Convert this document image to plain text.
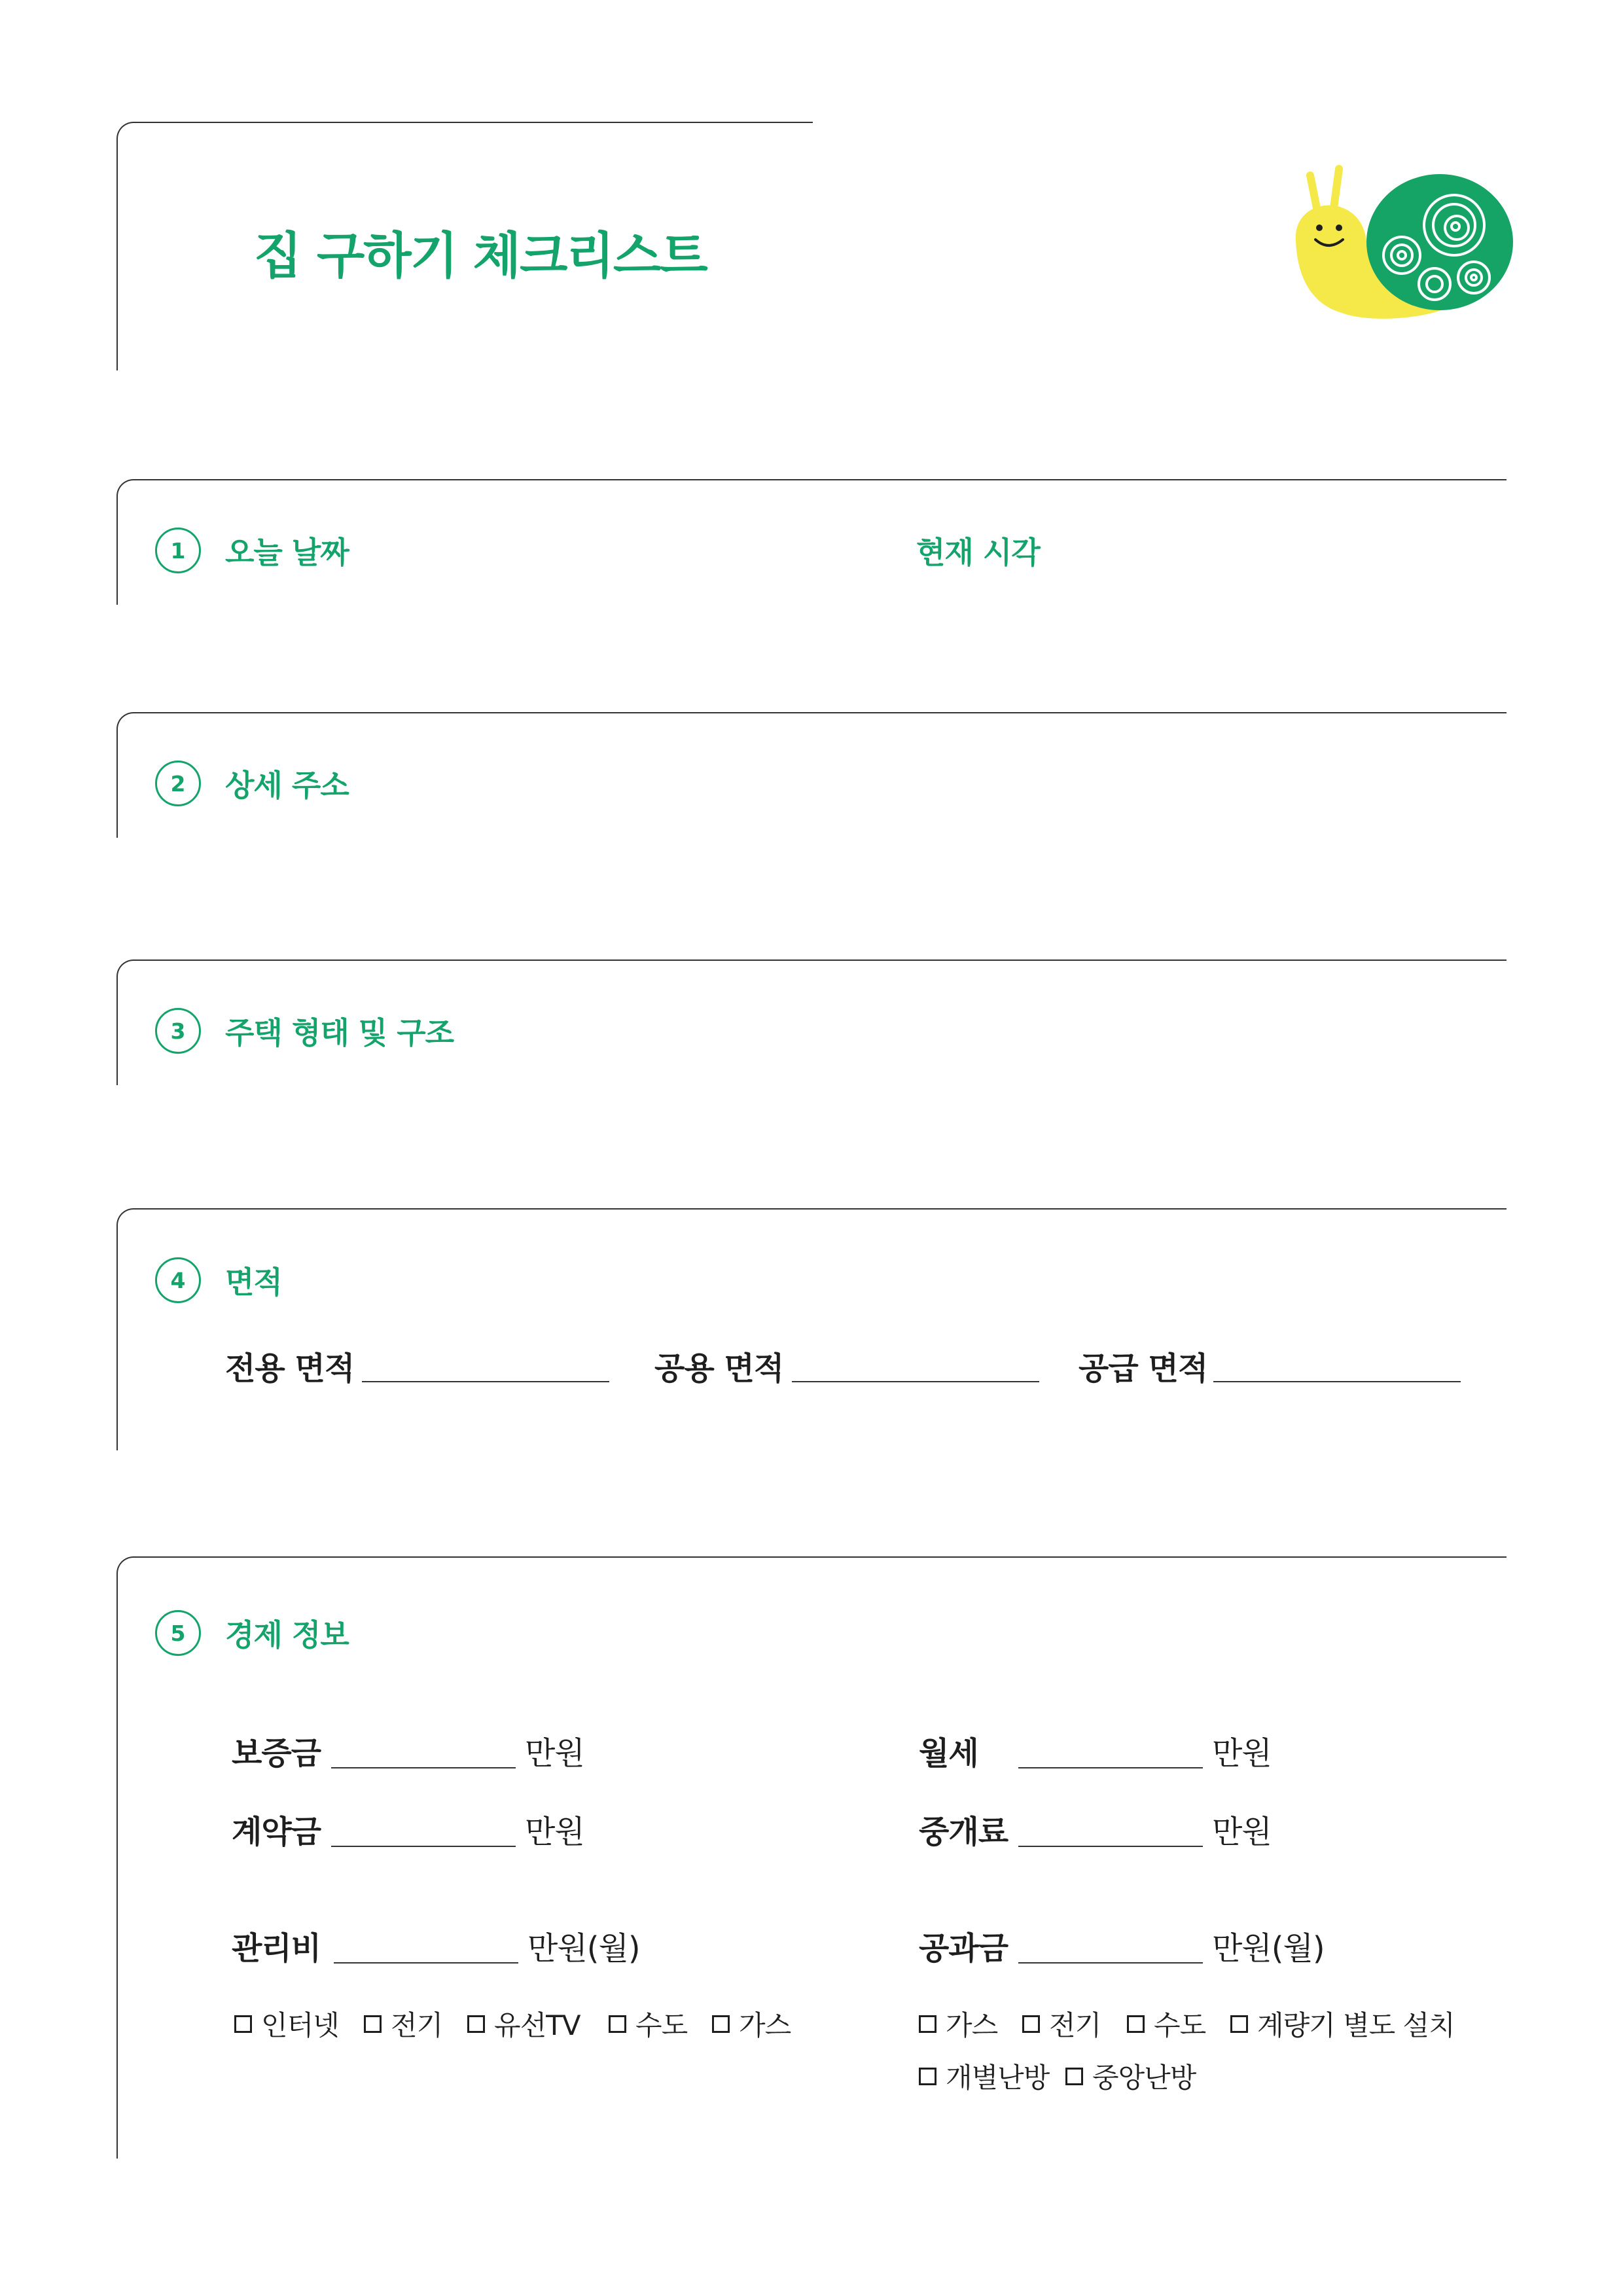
집 구하기 체크리스트
1	오늘 날짜	현재 시각
2	상세 주소
3	주택 형태 및 구조
4	면적
전용 면적	공용 면적	공급 면적
5	경제 정보
보증금	만원
계약금	만원
관리비	만원(월)
인터넷 전기 유선TV 수도 가스
월세	만원
중개료	만원
공과금	만원(월)
가스 전기 수도 계량기 별도 설치
개별난방 중앙난방
